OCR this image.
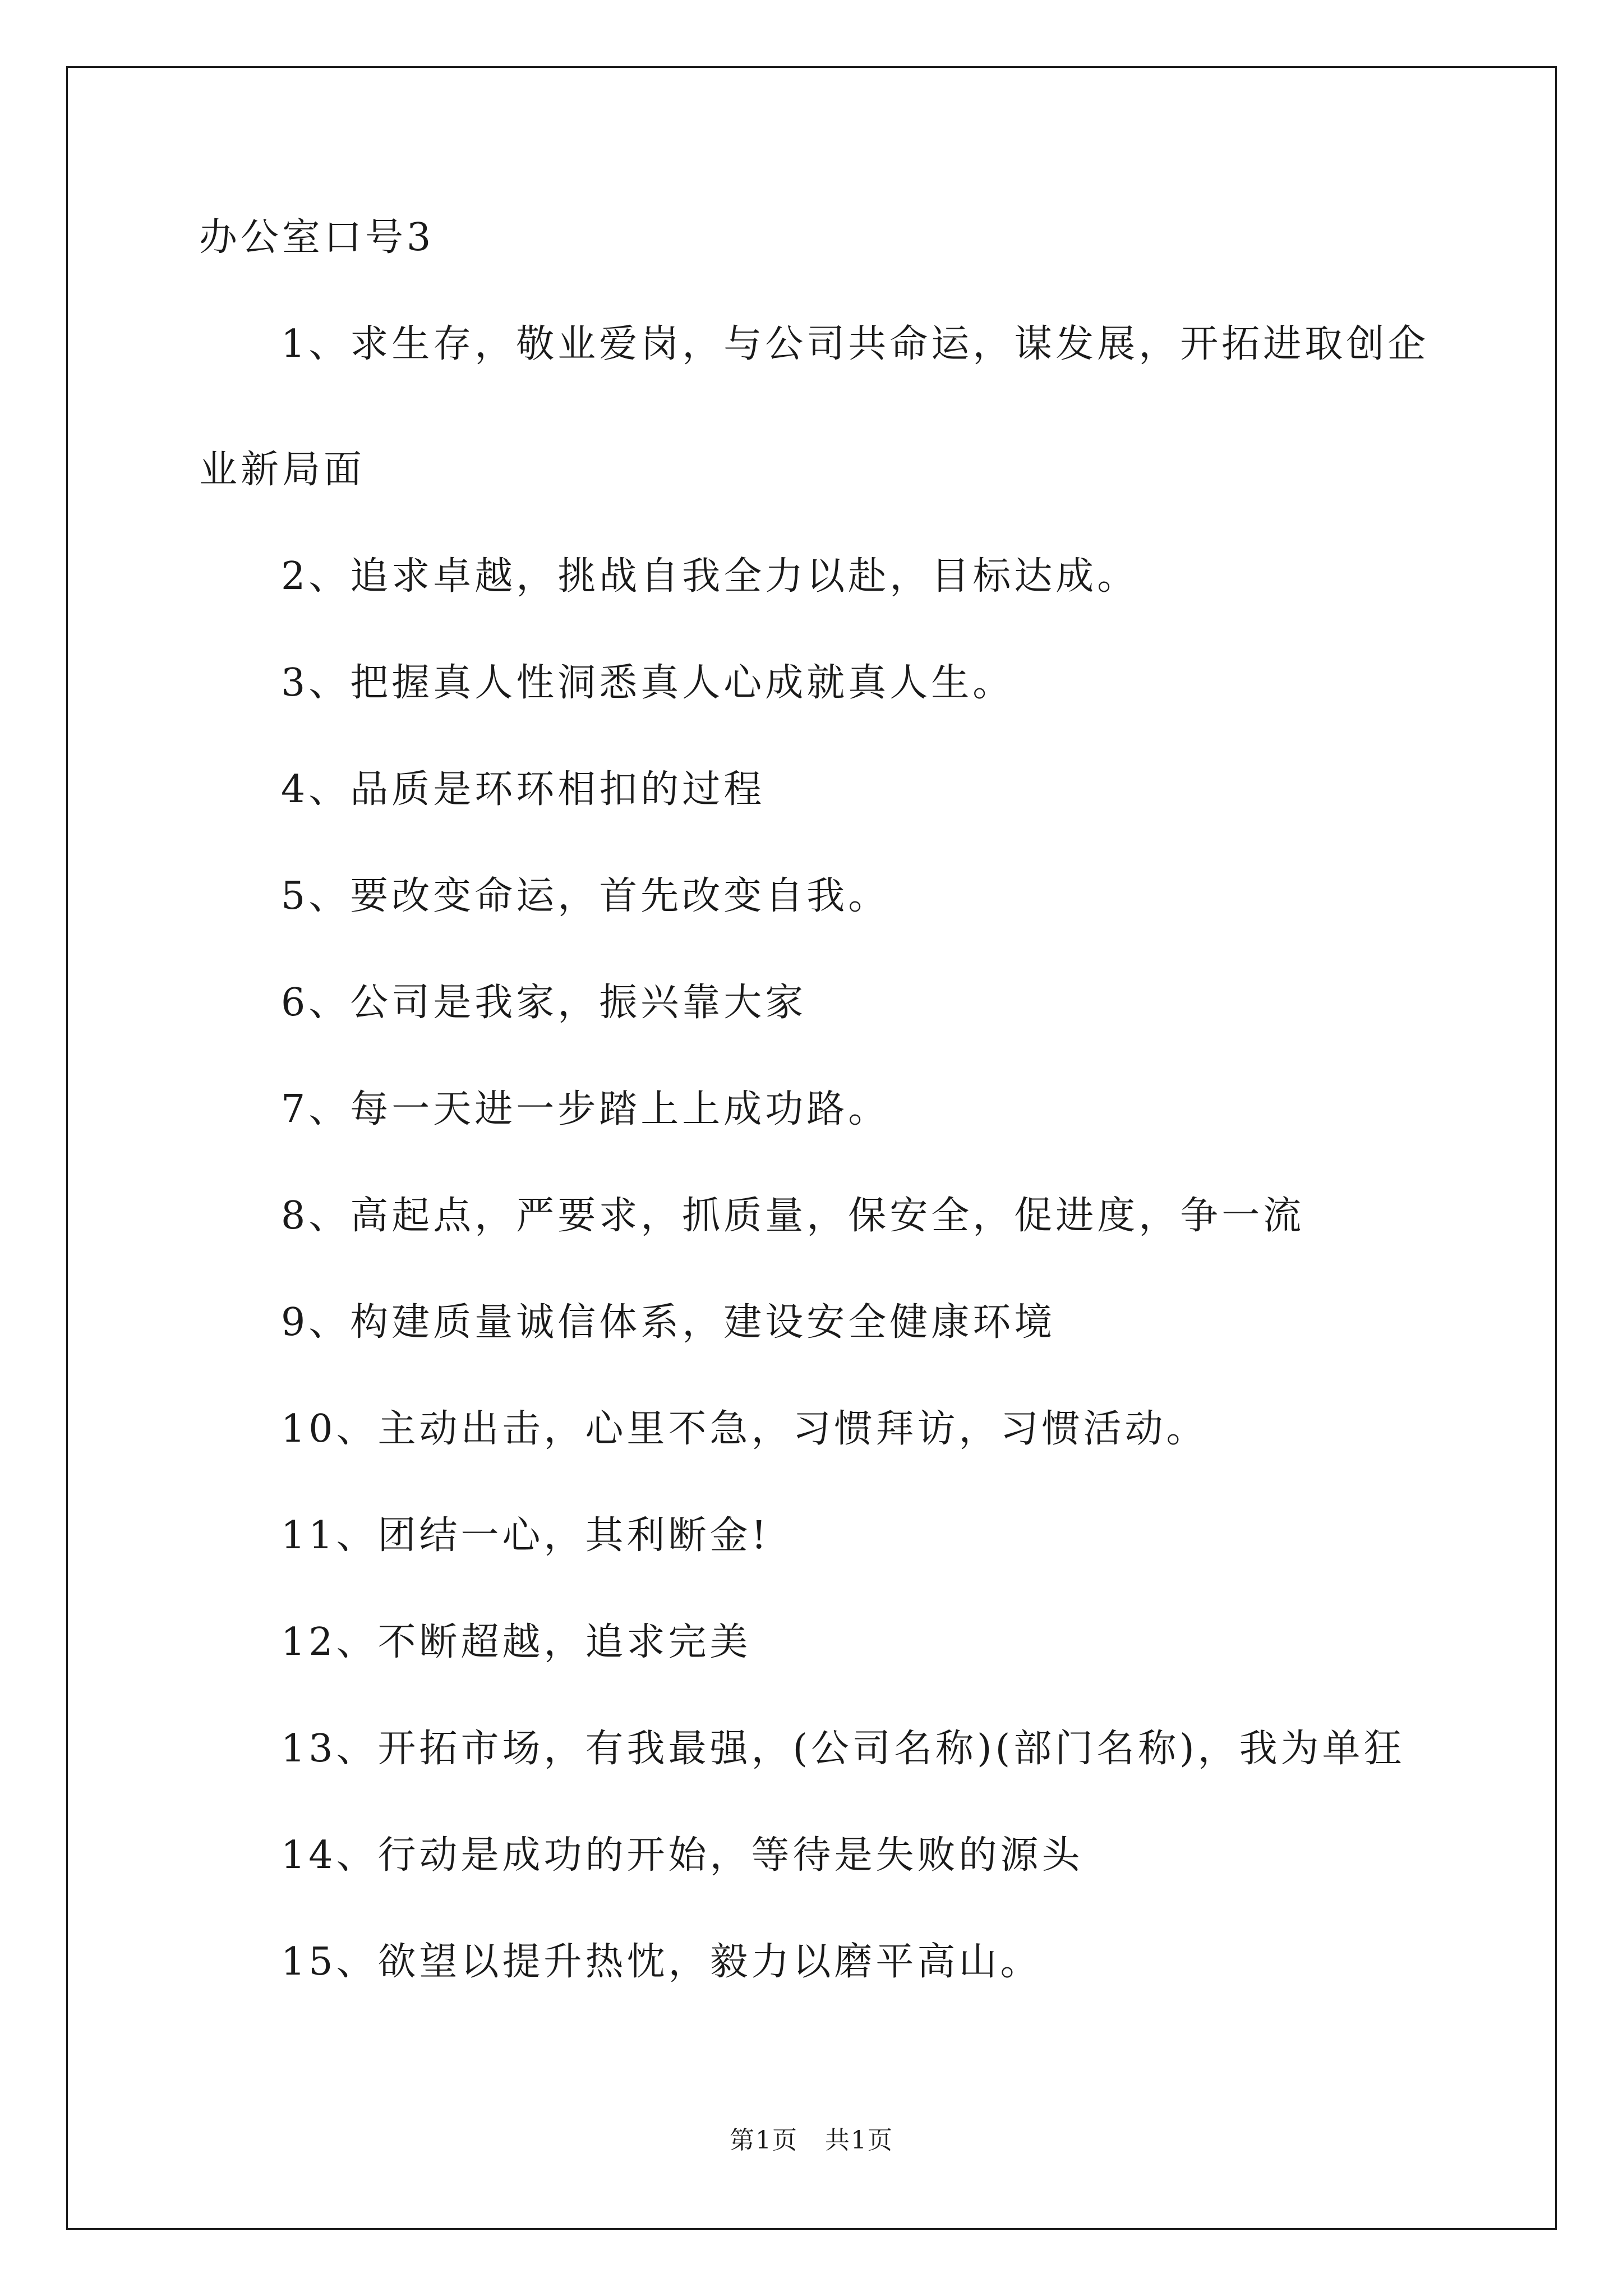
办公室口号3
1、求生存，敬业爱岗，与公司共命运，谋发展，开拓进取创企业新局面
2、追求卓越，挑战自我全力以赴，目标达成。
3、把握真人性洞悉真人心成就真人生。
4、品质是环环相扣的过程
5、要改变命运，首先改变自我。
6、公司是我家，振兴靠大家
7、每一天进一步踏上上成功路。
8、高起点，严要求，抓质量，保安全，促进度，争一流
9、构建质量诚信体系，建设安全健康环境
10、主动出击，心里不急，习惯拜访，习惯活动。
11、团结一心，其利断金!
12、不断超越，追求完美
13、开拓市场，有我最强，(公司名称)(部门名称)，我为单狂
14、行动是成功的开始，等待是失败的源头
15、欲望以提升热忱，毅力以磨平高山。
第1页 共1页
